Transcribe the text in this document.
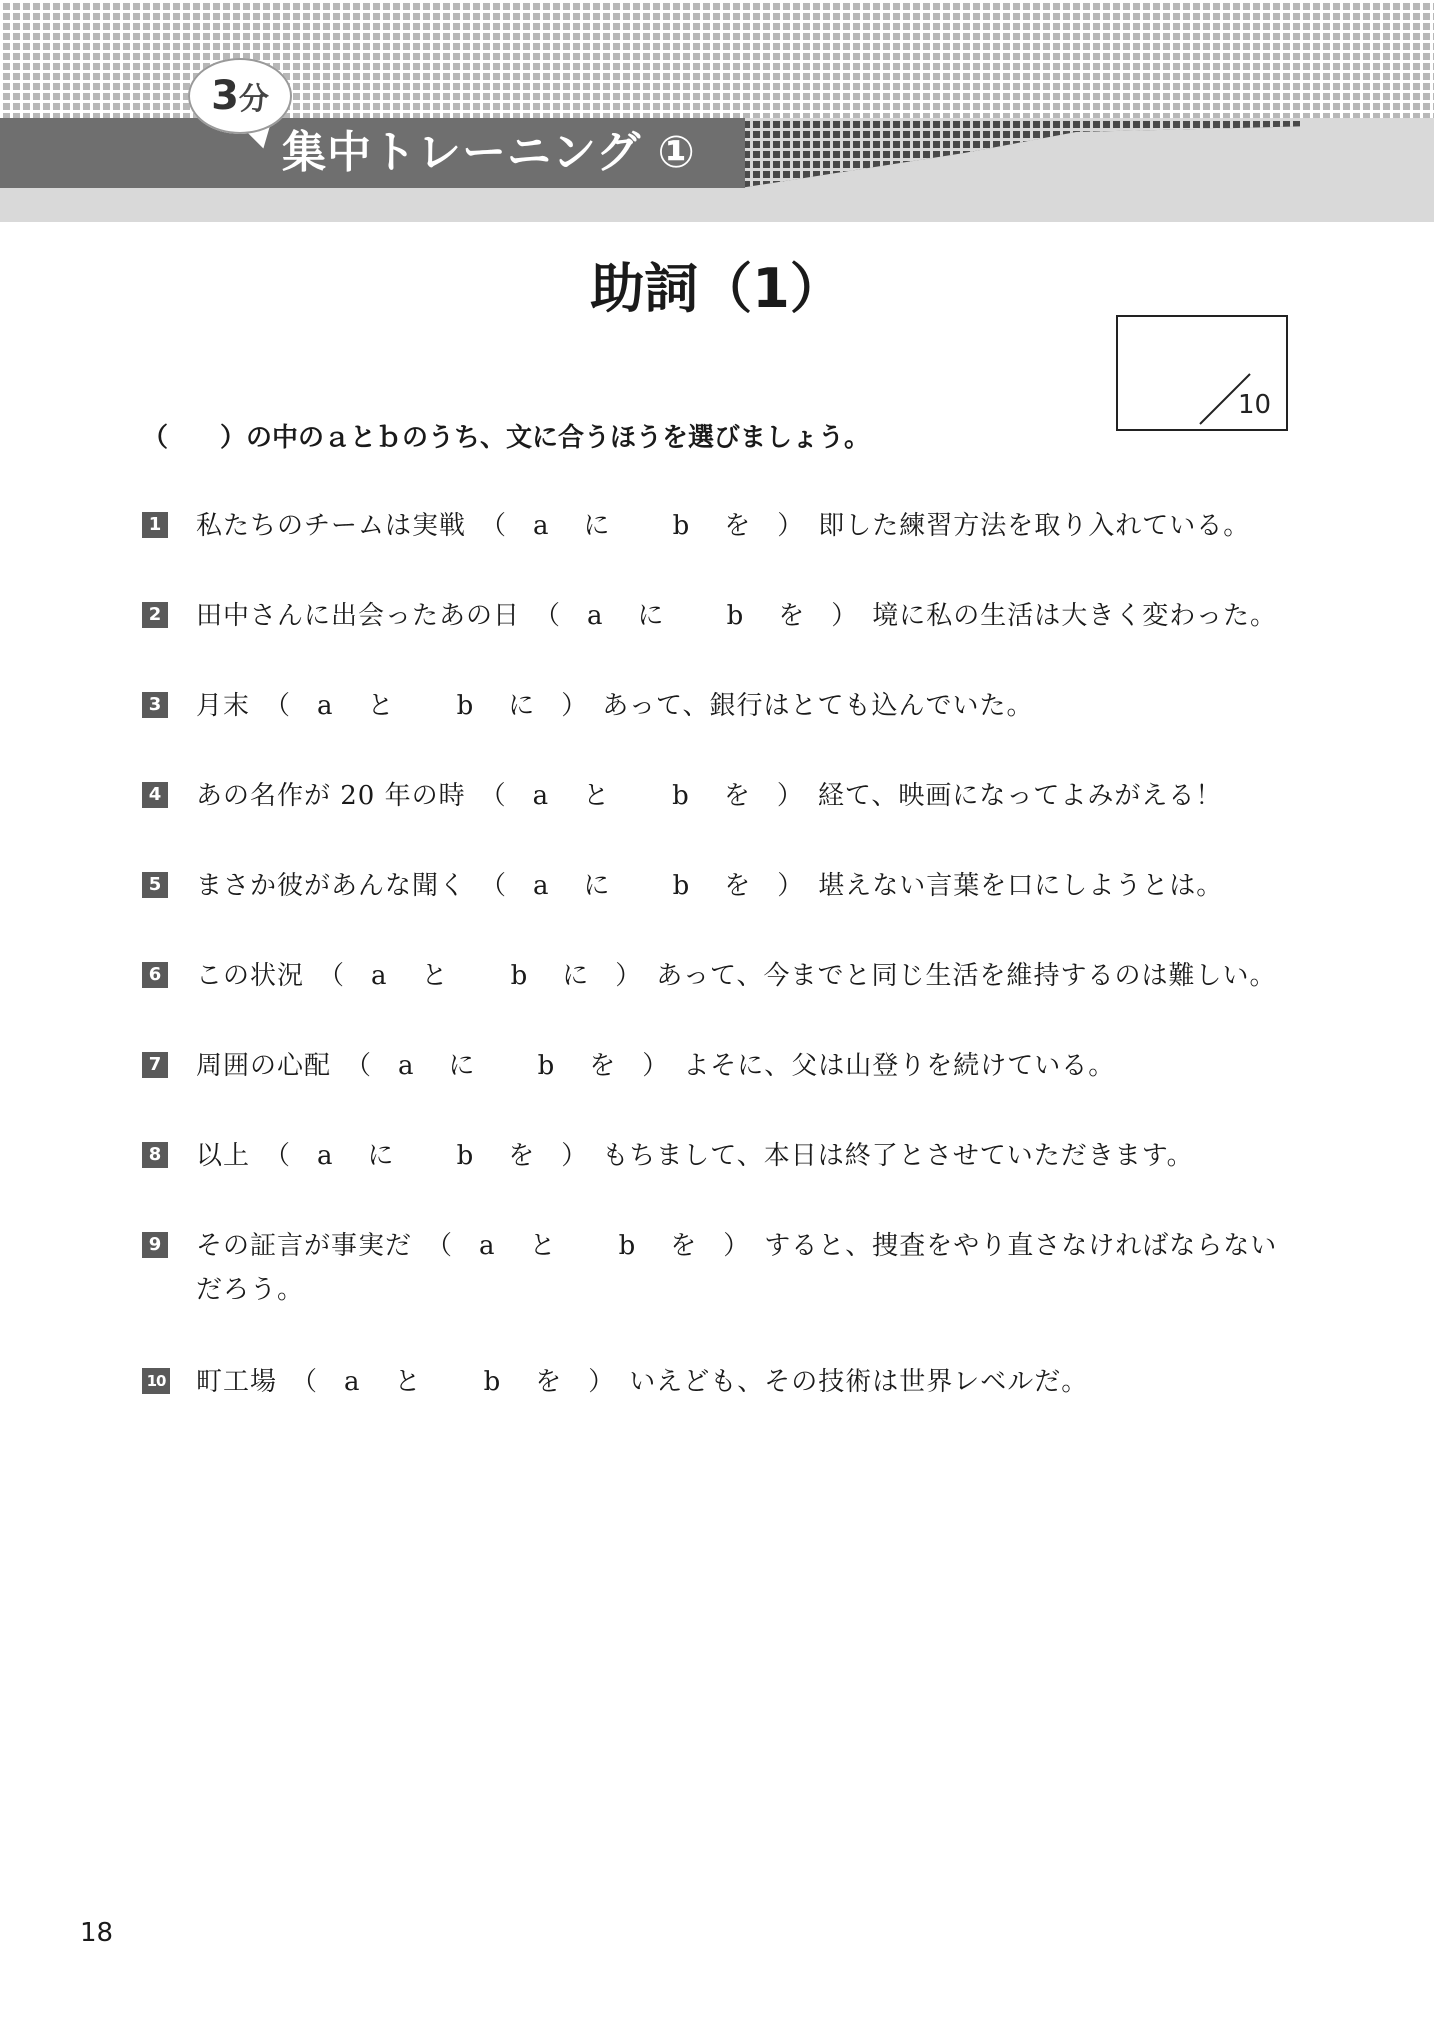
集中トレーニング ①
3分
助詞（1）
10
（　　）の中のａとｂのうち、文に合うほうを選びましょう。
1 私たちのチームは実戦 （ a に b を ） 即した練習方法を取り入れている。
2 田中さんに出会ったあの日 （ a に b を ） 境に私の生活は大きく変わった。
3 月末 （ a と b に ） あって、銀行はとても込んでいた。
4 あの名作が 20 年の時 （ a と b を ） 経て、映画になってよみがえる！
5 まさか彼があんな聞く （ a に b を ） 堪えない言葉を口にしようとは。
6 この状況 （ a と b に ） あって、今までと同じ生活を維持するのは難しい。
7 周囲の心配 （ a に b を ） よそに、父は山登りを続けている。
8 以上 （ a に b を ） もちまして、本日は終了とさせていただきます。
9 その証言が事実だ （ a と b を ） すると、捜査をやり直さなければならない
だろう。
10 町工場 （ a と b を ） いえども、その技術は世界レベルだ。
18
